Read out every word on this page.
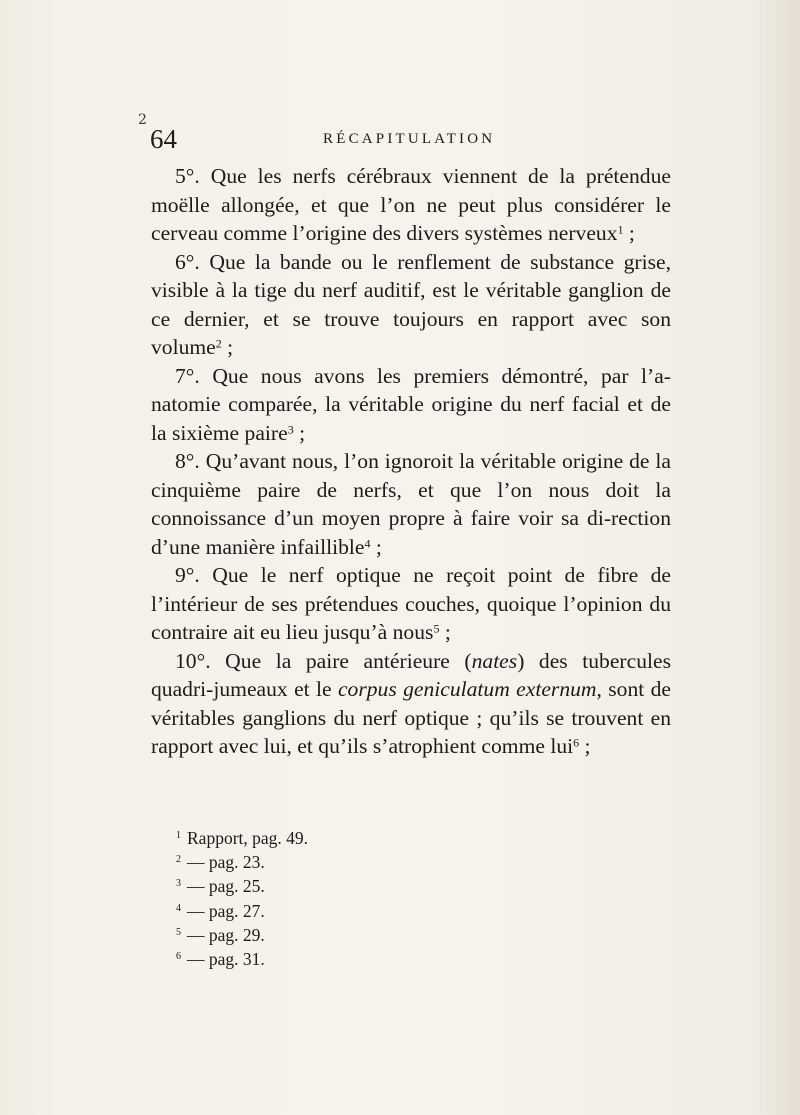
2
64	RÉCAPITULATION

5°. Que les nerfs cérébraux viennent de la prétendue moëlle allongée, et que l’on ne peut plus considérer le cerveau comme l’origine des divers systèmes nerveux$^1$ ;

6°. Que la bande ou le renflement de substance grise, visible à la tige du nerf auditif, est le véritable ganglion de ce dernier, et se trouve toujours en rapport avec son volume$^2$ ;

7°. Que nous avons les premiers démontré, par l’a-natomie comparée, la véritable origine du nerf facial et de la sixième paire$^3$ ;

8°. Qu’avant nous, l’on ignoroit la véritable origine de la cinquième paire de nerfs, et que l’on nous doit la connoissance d’un moyen propre à faire voir sa di-rection d’une manière infaillible$^4$ ;

9°. Que le nerf optique ne reçoit point de fibre de l’intérieur de ses prétendues couches, quoique l’opinion du contraire ait eu lieu jusqu’à nous$^5$ ;

10°. Que la paire antérieure (nates) des tubercules quadri-jumeaux et le corpus geniculatum externum, sont de véritables ganglions du nerf optique ; qu’ils se trouvent en rapport avec lui, et qu’ils s’atrophient comme lui$^6$ ;

$^1$ Rapport, pag. 49.

$^2$ — pag. 23.

$^3$ — pag. 25.

$^4$ — pag. 27.

$^5$ — pag. 29.

$^6$ — pag. 31.
